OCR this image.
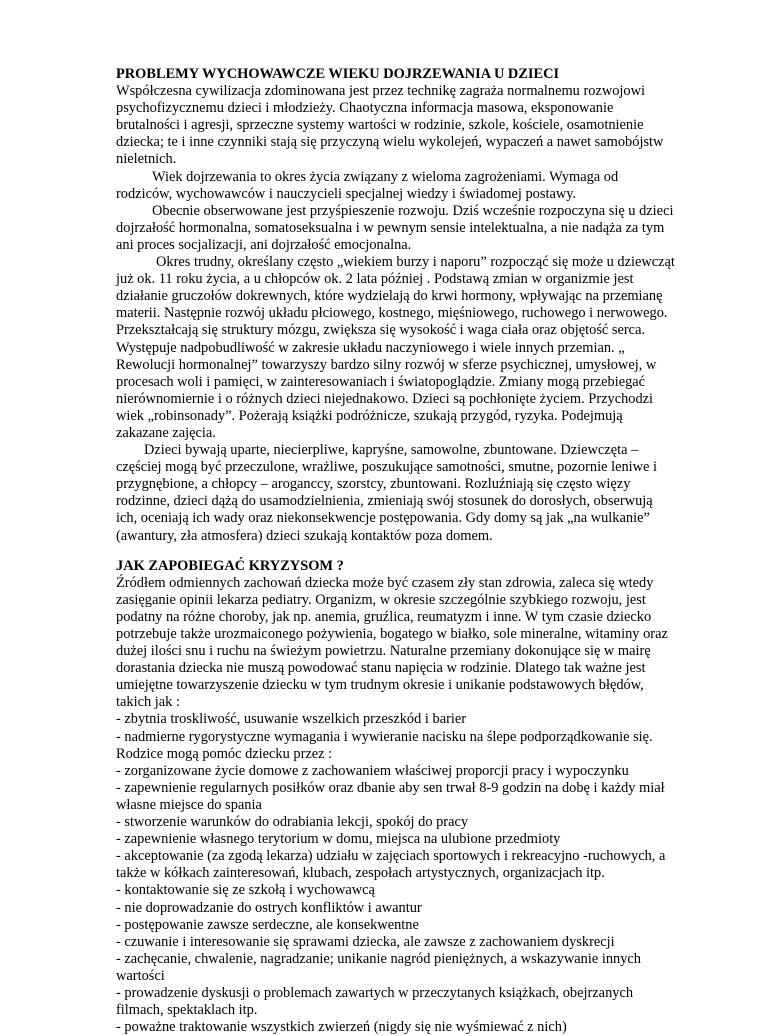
PROBLEMY WYCHOWAWCZE WIEKU DOJRZEWANIA U DZIECI

Współczesna cywilizacja zdominowana jest przez technikę zagraża normalnemu rozwojowi psychofizycznemu dzieci i młodzieży. Chaotyczna informacja masowa, eksponowanie brutalności i agresji, sprzeczne systemy wartości w rodzinie, szkole, kościele, osamotnienie dziecka; te i inne czynniki stają się przyczyną wielu wykolejeń, wypaczeń a nawet samobójstw nieletnich.

Wiek dojrzewania to okres życia związany z wieloma zagrożeniami. Wymaga od rodziców, wychowawców i nauczycieli specjalnej wiedzy i świadomej postawy.

Obecnie obserwowane jest przyśpieszenie rozwoju. Dziś wcześnie rozpoczyna się u dzieci dojrzałość hormonalna, somatoseksualna i w pewnym sensie intelektualna, a nie nadąża za tym ani proces socjalizacji, ani dojrzałość emocjonalna.

Okres trudny, określany często „wiekiem burzy i naporu” rozpocząć się może u dziewcząt już ok. 11 roku życia, a u chłopców ok. 2 lata później . Podstawą zmian w organizmie jest działanie gruczołów dokrewnych, które wydzielają do krwi hormony, wpływając na przemianę materii. Następnie rozwój układu płciowego, kostnego, mięśniowego, ruchowego i nerwowego. Przekształcają się struktury mózgu, zwiększa się wysokość i waga ciała oraz objętość serca. Występuje nadpobudliwość w zakresie układu naczyniowego i wiele innych przemian. „ Rewolucji hormonalnej” towarzyszy bardzo silny rozwój w sferze psychicznej, umysłowej, w procesach woli i pamięci, w zainteresowaniach i światopoglądzie. Zmiany mogą przebiegać nierównomiernie i o różnych dzieci niejednakowo. Dzieci są pochłonięte życiem. Przychodzi wiek „robinsonady”. Pożerają książki podróżnicze, szukają przygód, ryzyka. Podejmują zakazane zajęcia.

Dzieci bywają uparte, niecierpliwe, kapryśne, samowolne, zbuntowane. Dziewczęta – częściej mogą być przeczulone, wrażliwe, poszukujące samotności, smutne, pozornie leniwe i przygnębione, a chłopcy – aroganccy, szorstcy, zbuntowani. Rozluźniają się często więzy rodzinne, dzieci dążą do usamodzielnienia, zmieniają swój stosunek do dorosłych, obserwują ich, oceniają ich wady oraz niekonsekwencje postępowania. Gdy domy są jak „na wulkanie” (awantury, zła atmosfera) dzieci szukają kontaktów poza domem.

JAK ZAPOBIEGAĆ KRYZYSOM ?

Źródłem odmiennych zachowań dziecka może być czasem zły stan zdrowia, zaleca się wtedy zasięganie opinii lekarza pediatry. Organizm, w okresie szczególnie szybkiego rozwoju, jest podatny na różne choroby, jak np. anemia, gruźlica, reumatyzm i inne. W tym czasie dziecko potrzebuje także urozmaiconego pożywienia, bogatego w białko, sole mineralne, witaminy oraz dużej ilości snu i ruchu na świeżym powietrzu. Naturalne przemiany dokonujące się w mairę dorastania dziecka nie muszą powodować stanu napięcia w rodzinie. Dlatego tak ważne jest umiejętne towarzyszenie dziecku w tym trudnym okresie i unikanie podstawowych błędów, takich jak :

- zbytnia troskliwość, usuwanie wszelkich przeszkód i barier
- nadmierne rygorystyczne wymagania i wywieranie nacisku na ślepe podporządkowanie się.

Rodzice mogą pomóc dziecku przez :

- zorganizowane życie domowe z zachowaniem właściwej proporcji pracy i wypoczynku
- zapewnienie regularnych posiłków oraz dbanie aby sen trwał 8-9 godzin na dobę i każdy miał własne miejsce do spania
- stworzenie warunków do odrabiania lekcji, spokój do pracy
- zapewnienie własnego terytorium w domu, miejsca na ulubione przedmioty
- akceptowanie (za zgodą lekarza) udziału w zajęciach sportowych i rekreacyjno -ruchowych, a także w kółkach zainteresowań, klubach, zespołach artystycznych, organizacjach itp.
- kontaktowanie się ze szkołą i wychowawcą
- nie doprowadzanie do ostrych konfliktów i awantur
- postępowanie zawsze serdeczne, ale konsekwentne
- czuwanie i interesowanie się sprawami dziecka, ale zawsze z zachowaniem dyskrecji
- zachęcanie, chwalenie, nagradzanie; unikanie nagród pieniężnych, a wskazywanie innych wartości
- prowadzenie dyskusji o problemach zawartych w przeczytanych książkach, obejrzanych filmach, spektaklach itp.
- poważne traktowanie wszystkich zwierzeń (nigdy się nie wyśmiewać z nich)
